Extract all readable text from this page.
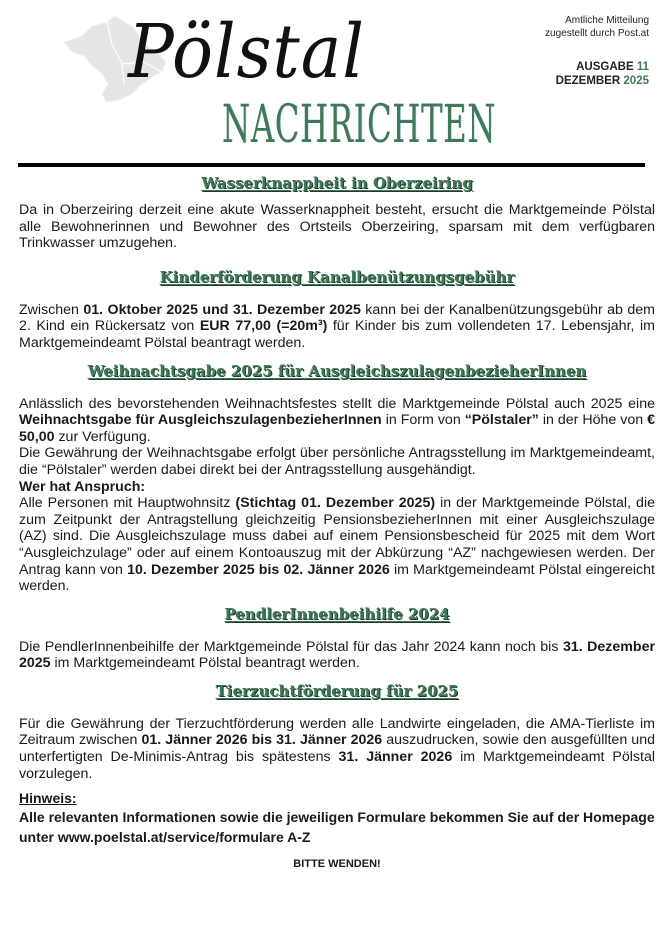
Pölstal
NACHRICHTEN
Amtliche Mitteilung
zugestellt durch Post.at
AUSGABE 11
DEZEMBER 2025
Wasserknappheit in Oberzeiring

Da in Oberzeiring derzeit eine akute Wasserknappheit besteht, ersucht die Marktgemeinde Pölstal alle Bewohnerinnen und Bewohner des Ortsteils Oberzeiring, sparsam mit dem verfügbaren Trinkwasser umzugehen.

Kinderförderung Kanalbenützungsgebühr

Zwischen 01. Oktober 2025 und 31. Dezember 2025 kann bei der Kanalbenützungsgebühr ab dem 2. Kind ein Rückersatz von EUR 77,00 (=20m³) für Kinder bis zum vollendeten 17. Lebensjahr, im Marktgemeindeamt Pölstal beantragt werden.

Weihnachtsgabe 2025 für AusgleichszulagenbezieherInnen

Anlässlich des bevorstehenden Weihnachtsfestes stellt die Marktgemeinde Pölstal auch 2025 eine Weihnachtsgabe für AusgleichszulagenbezieherInnen in Form von “Pölstaler” in der Höhe von € 50,00 zur Verfügung.

Die Gewährung der Weihnachtsgabe erfolgt über persönliche Antragsstellung im Marktgemeindeamt, die “Pölstaler” werden dabei direkt bei der Antragsstellung ausgehändigt.

Wer hat Anspruch:

Alle Personen mit Hauptwohnsitz (Stichtag 01. Dezember 2025) in der Marktgemeinde Pölstal, die zum Zeitpunkt der Antragstellung gleichzeitig PensionsbezieherInnen mit einer Ausgleichszulage (AZ) sind. Die Ausgleichszulage muss dabei auf einem Pensionsbescheid für 2025 mit dem Wort “Ausgleichzulage” oder auf einem Kontoauszug mit der Abkürzung “AZ” nachgewiesen werden. Der Antrag kann von 10. Dezember 2025 bis 02. Jänner 2026 im Marktgemeindeamt Pölstal eingereicht werden.

PendlerInnenbeihilfe 2024

Die PendlerInnenbeihilfe der Marktgemeinde Pölstal für das Jahr 2024 kann noch bis 31. Dezember 2025 im Marktgemeindeamt Pölstal beantragt werden.

Tierzuchtförderung für 2025

Für die Gewährung der Tierzuchtförderung werden alle Landwirte eingeladen, die AMA-Tierliste im Zeitraum zwischen 01. Jänner 2026 bis 31. Jänner 2026 auszudrucken, sowie den ausgefüllten und unterfertigten De-Minimis-Antrag bis spätestens 31. Jänner 2026 im Marktgemeindeamt Pölstal vorzulegen.

Hinweis:

Alle relevanten Informationen sowie die jeweiligen Formulare bekommen Sie auf der Homepage unter www.poelstal.at/service/formulare A-Z

BITTE WENDEN!
